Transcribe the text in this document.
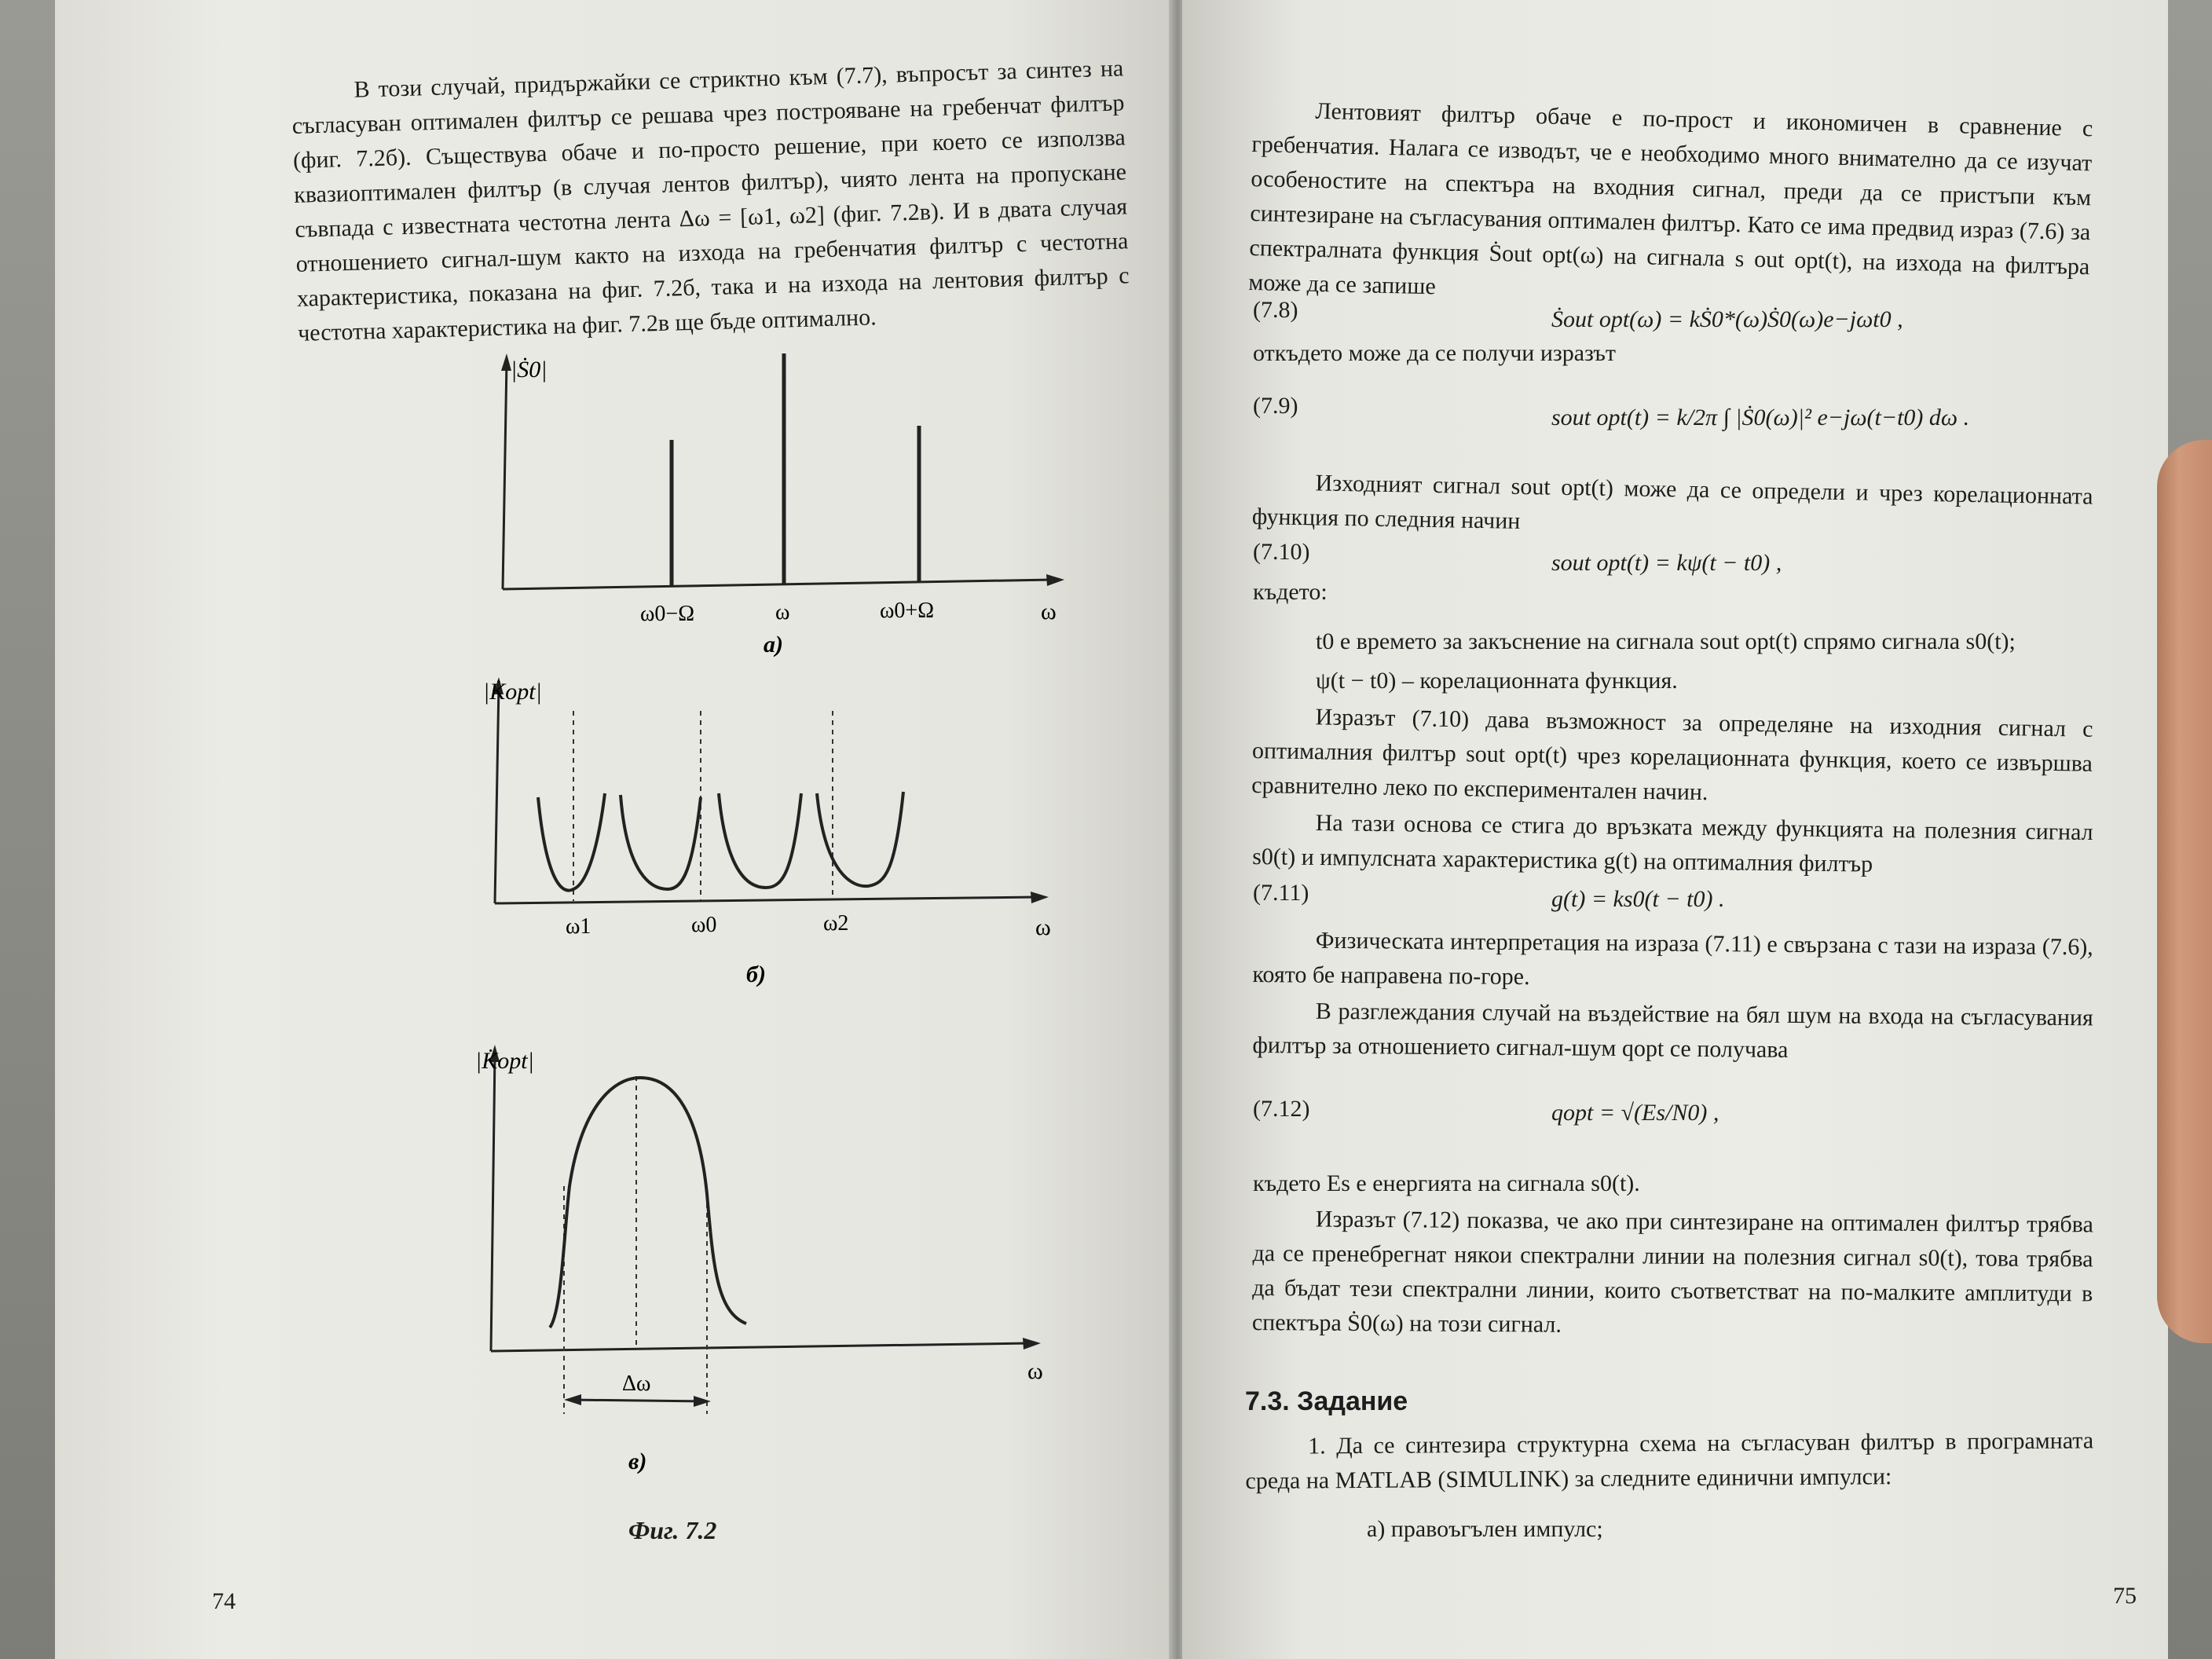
В този случай, придържайки се стриктно към (7.7), въпросът за синтез на съгласуван оптимален филтър се решава чрез построяване на гребенчат филтър (фиг. 7.2б). Съществува обаче и по-просто решение, при което се използва квазиоптимален филтър (в случая лентов филтър), чиято лента на пропускане съвпада с известната честотна лента Δω = [ω1, ω2] (фиг. 7.2в). И в двата случая отношението сигнал-шум както на изхода на гребенчатия филтър с честотна характеристика, показана на фиг. 7.2б, така и на изхода на лентовия филтър с честотна характеристика на фиг. 7.2в ще бъде оптимално.
|Ṡ0|
ω0−Ω	ω	ω0+Ω	ω
а)
|K̇opt|
ω1	ω0	ω2	ω
б)
|K̇opt|
Δω	ω
в)
Фиг. 7.2
74
Лентовият филтър обаче е по-прост и икономичен в сравнение с гребенчатия. Налага се изводът, че е необходимо много внимателно да се изучат особеностите на спектъра на входния сигнал, преди да се пристъпи към синтезиране на съгласувания оптимален филтър. Като се има предвид израз (7.6) за спектралната функция Ṡout opt(ω) на сигнала s out opt(t), на изхода на филтъра може да се запише
(7.8)	Ṡout opt(ω) = kṠ0*(ω)Ṡ0(ω)e−jωt0 ,
откъдето може да се получи изразът
(7.9)	sout opt(t) = k/2π ∫ |Ṡ0(ω)|² e−jω(t−t0) dω .
Изходният сигнал sout opt(t) може да се определи и чрез корелационната функция по следния начин
(7.10)	sout opt(t) = kψ(t − t0) ,
където:
t0 е времето за закъснение на сигнала sout opt(t) спрямо сигнала s0(t);
ψ(t − t0) – корелационната функция.
Изразът (7.10) дава възможност за определяне на изходния сигнал с оптималния филтър sout opt(t) чрез корелационната функция, което се извършва сравнително леко по експериментален начин.
На тази основа се стига до връзката между функцията на полезния сигнал s0(t) и импулсната характеристика g(t) на оптималния филтър
(7.11)	g(t) = ks0(t − t0) .
Физическата интерпретация на израза (7.11) е свързана с тази на израза (7.6), която бе направена по-горе.
В разглеждания случай на въздействие на бял шум на входа на съгласувания филтър за отношението сигнал-шум qopt се получава
(7.12)	qopt = √(Es/N0) ,
където Es е енергията на сигнала s0(t).
Изразът (7.12) показва, че ако при синтезиране на оптимален филтър трябва да се пренебрегнат някои спектрални линии на полезния сигнал s0(t), това трябва да бъдат тези спектрални линии, които съответстват на по-малките амплитуди в спектъра Ṡ0(ω) на този сигнал.
7.3. Задание
1. Да се синтезира структурна схема на съгласуван филтър в програмната среда на MATLAB (SIMULINK) за следните единични импулси:
а) правоъгълен импулс;
75
